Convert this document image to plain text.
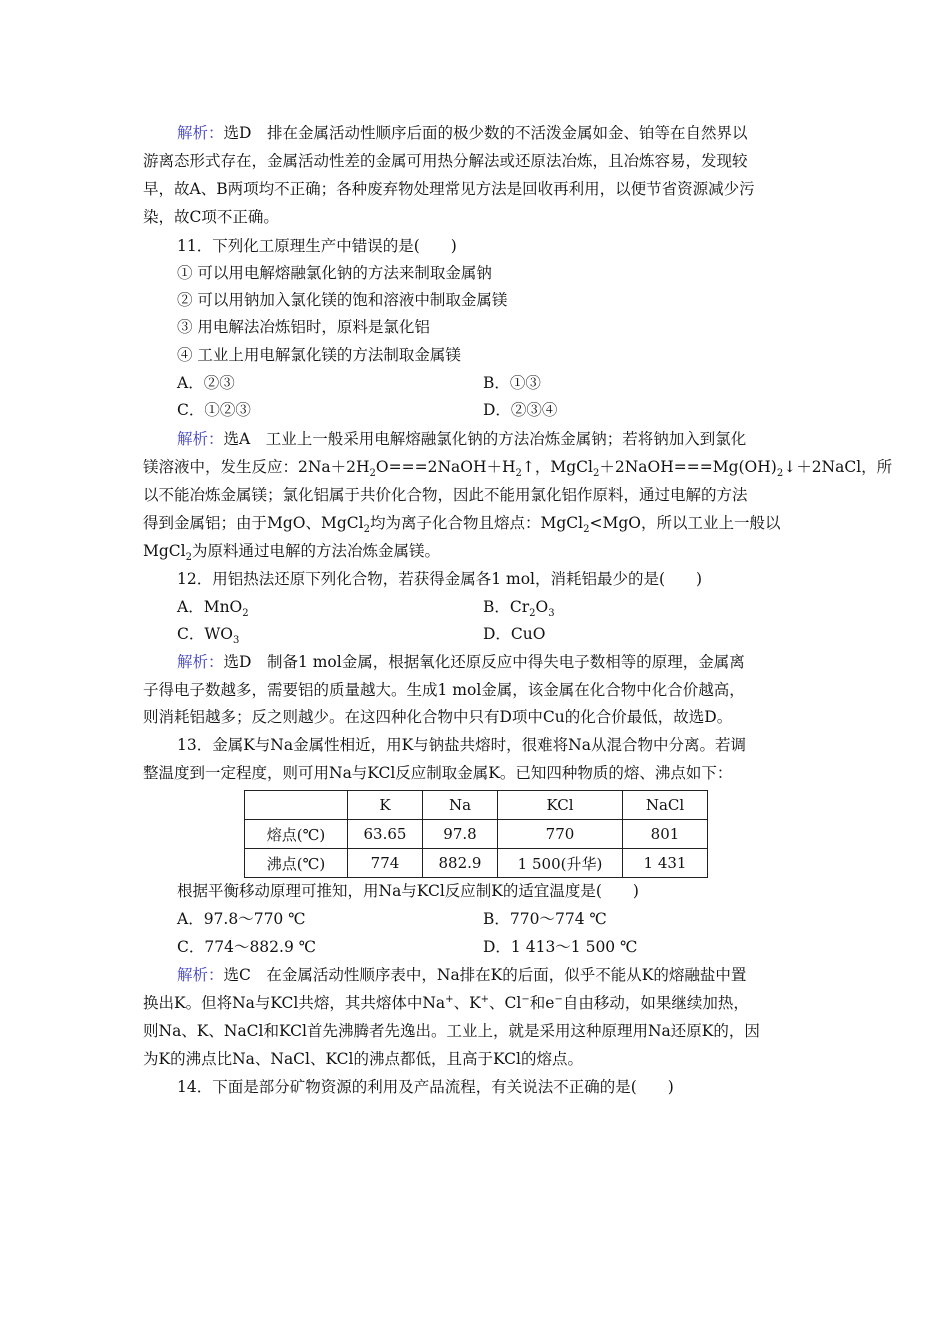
解析：选D　排在金属活动性顺序后面的极少数的不活泼金属如金、铂等在自然界以
游离态形式存在，金属活动性差的金属可用热分解法或还原法冶炼，且冶炼容易，发现较
早，故A、B两项均不正确；各种废弃物处理常见方法是回收再利用，以便节省资源减少污
染，故C项不正确。
11．下列化工原理生产中错误的是(　　)
① 可以用电解熔融氯化钠的方法来制取金属钠
② 可以用钠加入氯化镁的饱和溶液中制取金属镁
③ 用电解法冶炼铝时，原料是氯化铝
④ 工业上用电解氯化镁的方法制取金属镁
A．②③	B．①③
C．①②③	D．②③④
解析：选A　工业上一般采用电解熔融氯化钠的方法冶炼金属钠；若将钠加入到氯化
镁溶液中，发生反应：$2Na+2H_2O===2NaOH+H_2↑$，$MgCl_2+2NaOH===Mg(OH)_2↓+2NaCl$，所
以不能冶炼金属镁；氯化铝属于共价化合物，因此不能用氯化铝作原料，通过电解的方法
得到金属铝；由于MgO、MgCl$_2$均为离子化合物且熔点：MgCl$_2$<MgO，所以工业上一般以
MgCl$_2$为原料通过电解的方法冶炼金属镁。
12．用铝热法还原下列化合物，若获得金属各1 mol，消耗铝最少的是(　　)
A．MnO$_2$	B．$Cr_2O_3$
C．$WO_3$	D．CuO
解析：选D　制备1 mol金属，根据氧化还原反应中得失电子数相等的原理，金属离
子得电子数越多，需要铝的质量越大。生成1 mol金属，该金属在化合物中化合价越高，
则消耗铝越多；反之则越少。在这四种化合物中只有D项中Cu的化合价最低，故选D。
13．金属K与Na金属性相近，用K与钠盐共熔时，很难将Na从混合物中分离。若调
整温度到一定程度，则可用Na与KCl反应制取金属K。已知四种物质的熔、沸点如下：
	K	Na	KCl	NaCl
熔点(℃)	63.65	97.8	770	801
沸点(℃)	774	882.9	1 500(升华)	1 431
根据平衡移动原理可推知，用Na与KCl反应制K的适宜温度是(　　)
A．97.8～770 ℃	B．770～774 ℃
C．774～882.9 ℃	D．1 413～1 500 ℃
解析：选C　在金属活动性顺序表中，Na排在K的后面，似乎不能从K的熔融盐中置
换出K。但将Na与KCl共熔，其共熔体中Na+、K+、Cl−和e−自由移动，如果继续加热，
则Na、K、NaCl和KCl首先沸腾者先逸出。工业上，就是采用这种原理用Na还原K的，因
为K的沸点比Na、NaCl、KCl的沸点都低，且高于KCl的熔点。
14．下面是部分矿物资源的利用及产品流程，有关说法不正确的是(　　)
